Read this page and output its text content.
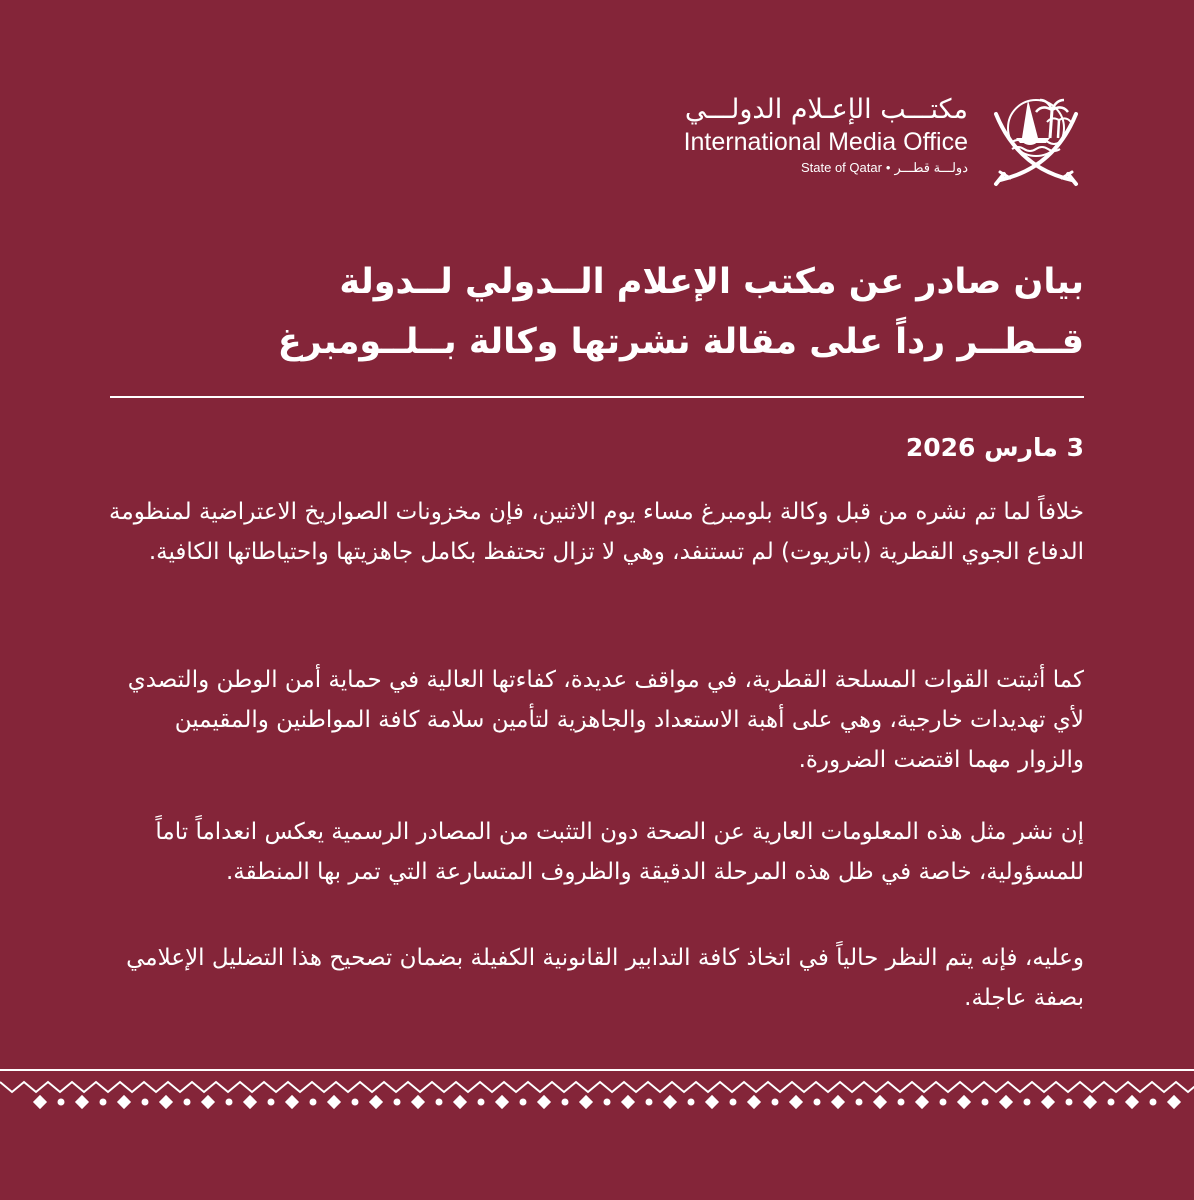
مكتـــب الإعـلام الدولـــي
International Media Office
State of Qatar • دولـــة قطـــر
بيان صادر عن مكتب الإعلام الــدولي لــدولة
قــطــر رداً على مقالة نشرتها وكالة بــلــومبرغ
3 مارس 2026
خلافاً لما تم نشره من قبل وكالة بلومبرغ مساء يوم الاثنين، فإن مخزونات الصواريخ الاعتراضية لمنظومة الدفاع الجوي القطرية (باتريوت) لم تستنفد، وهي لا تزال تحتفظ بكامل جاهزيتها واحتياطاتها الكافية.
كما أثبتت القوات المسلحة القطرية، في مواقف عديدة، كفاءتها العالية في حماية أمن الوطن والتصدي لأي تهديدات خارجية، وهي على أهبة الاستعداد والجاهزية لتأمين سلامة كافة المواطنين والمقيمين والزوار مهما اقتضت الضرورة.
إن نشر مثل هذه المعلومات العارية عن الصحة دون التثبت من المصادر الرسمية يعكس انعداماً تاماً للمسؤولية، خاصة في ظل هذه المرحلة الدقيقة والظروف المتسارعة التي تمر بها المنطقة.
وعليه، فإنه يتم النظر حالياً في اتخاذ كافة التدابير القانونية الكفيلة بضمان تصحيح هذا التضليل الإعلامي بصفة عاجلة.
